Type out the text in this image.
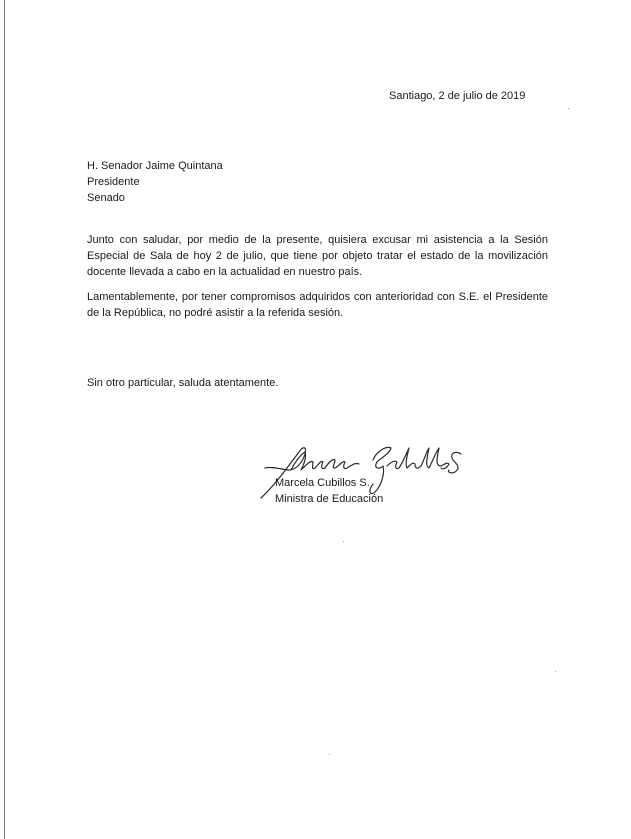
Santiago, 2 de julio de 2019
H. Senador Jaime Quintana
Presidente
Senado

Junto con saludar, por medio de la presente, quisiera excusar mi asistencia a la Sesión Especial de Sala de hoy 2 de julio, que tiene por objeto tratar el estado de la movilización docente llevada a cabo en la actualidad en nuestro país.

Lamentablemente, por tener compromisos adquiridos con anterioridad con S.E. el Presidente de la República, no podré asistir a la referida sesión.

Sin otro particular, saluda atentamente.
Marcela Cubillos S.
Ministra de Educación
